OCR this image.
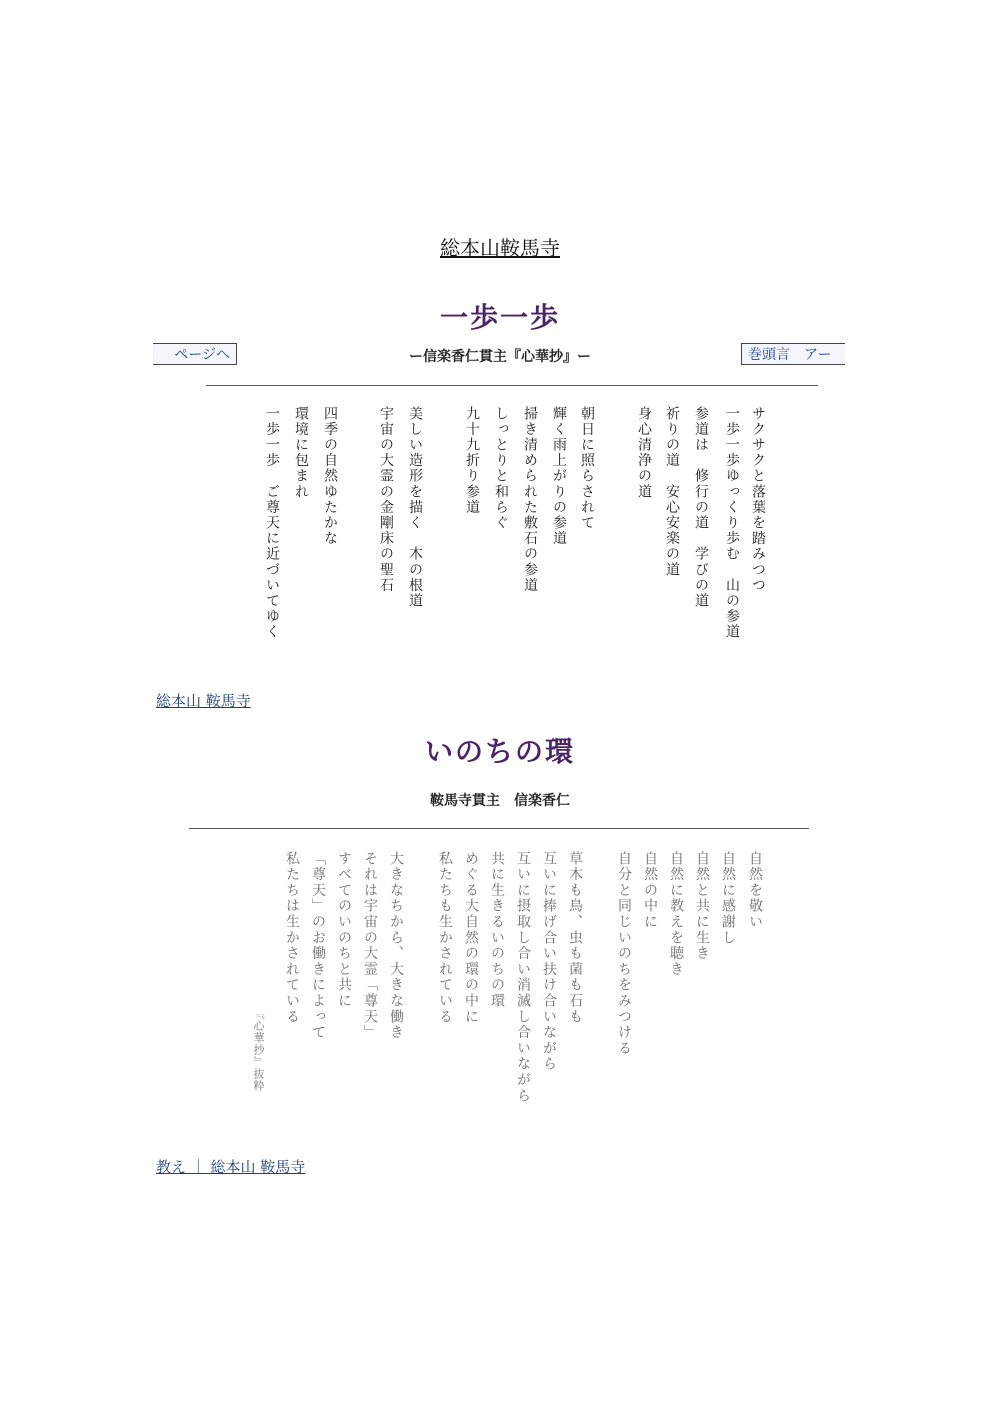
総本山鞍馬寺
一歩一歩
ページへ	ー信楽香仁貫主『心華抄』ー	巻頭言　アー
サクサクと落葉を踏みつつ
一歩一歩ゆっくり歩む　山の参道
参道は　修行の道　学びの道
祈りの道　安心安楽の道
身心清浄の道
朝日に照らされて
輝く雨上がりの参道
掃き清められた敷石の参道
しっとりと和らぐ
九十九折り参道
美しい造形を描く　木の根道
宇宙の大霊の金剛床の聖石
四季の自然ゆたかな
環境に包まれ
一歩一歩　ご尊天に近づいてゆく
総本山 鞍馬寺
いのちの環
鞍馬寺貫主　信楽香仁
自然を敬い
自然に感謝し
自然と共に生き
自然に教えを聴き
自然の中に
自分と同じいのちをみつける
草木も鳥、虫も菌も石も
互いに捧げ合い扶け合いながら
互いに摂取し合い消滅し合いながら
共に生きるいのちの環
めぐる大自然の環の中に
私たちも生かされている
大きなちから、大きな働き
それは宇宙の大霊「尊天」
すべてのいのちと共に
「尊天」のお働きによって
私たちは生かされている
『心華抄』抜粋
教え ｜ 総本山 鞍馬寺
